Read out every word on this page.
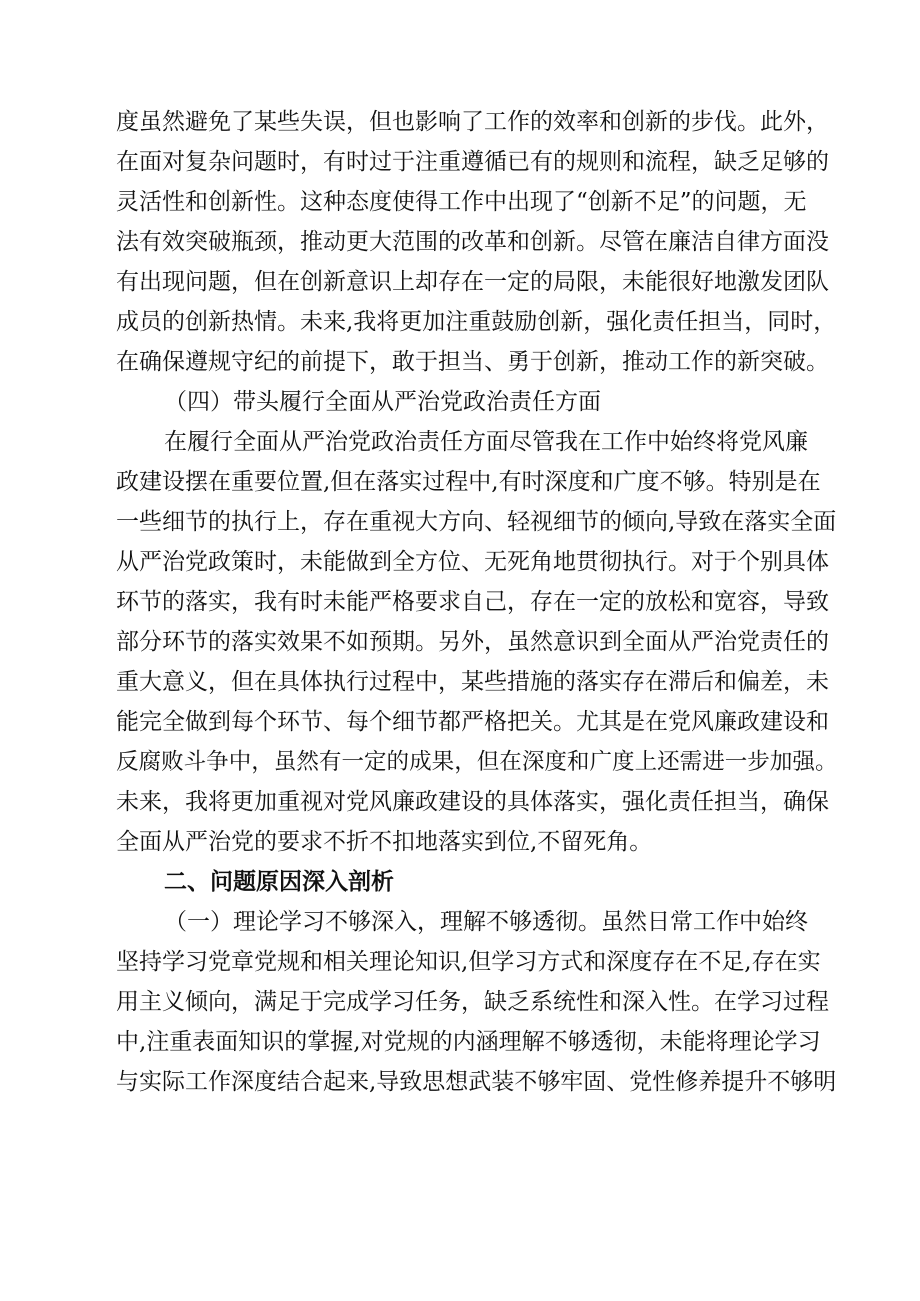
度虽然避免了某些失误，但也影响了工作的效率和创新的步伐。此外，
在面对复杂问题时，有时过于注重遵循已有的规则和流程，缺乏足够的
灵活性和创新性。这种态度使得工作中出现了“创新不足”的问题，无
法有效突破瓶颈，推动更大范围的改革和创新。尽管在廉洁自律方面没
有出现问题，但在创新意识上却存在一定的局限，未能很好地激发团队
成员的创新热情。未来,我将更加注重鼓励创新，强化责任担当，同时，
在确保遵规守纪的前提下，敢于担当、勇于创新，推动工作的新突破。
（四）带头履行全面从严治党政治责任方面
在履行全面从严治党政治责任方面尽管我在工作中始终将党风廉
政建设摆在重要位置,但在落实过程中,有时深度和广度不够。特别是在
一些细节的执行上，存在重视大方向、轻视细节的倾向,导致在落实全面
从严治党政策时，未能做到全方位、无死角地贯彻执行。对于个别具体
环节的落实，我有时未能严格要求自己，存在一定的放松和宽容，导致
部分环节的落实效果不如预期。另外，虽然意识到全面从严治党责任的
重大意义，但在具体执行过程中，某些措施的落实存在滞后和偏差，未
能完全做到每个环节、每个细节都严格把关。尤其是在党风廉政建设和
反腐败斗争中，虽然有一定的成果，但在深度和广度上还需进一步加强。
未来，我将更加重视对党风廉政建设的具体落实，强化责任担当，确保
全面从严治党的要求不折不扣地落实到位,不留死角。
二、问题原因深入剖析
（一）理论学习不够深入，理解不够透彻。虽然日常工作中始终
坚持学习党章党规和相关理论知识,但学习方式和深度存在不足,存在实
用主义倾向，满足于完成学习任务，缺乏系统性和深入性。在学习过程
中,注重表面知识的掌握,对党规的内涵理解不够透彻，未能将理论学习
与实际工作深度结合起来,导致思想武装不够牢固、党性修养提升不够明
